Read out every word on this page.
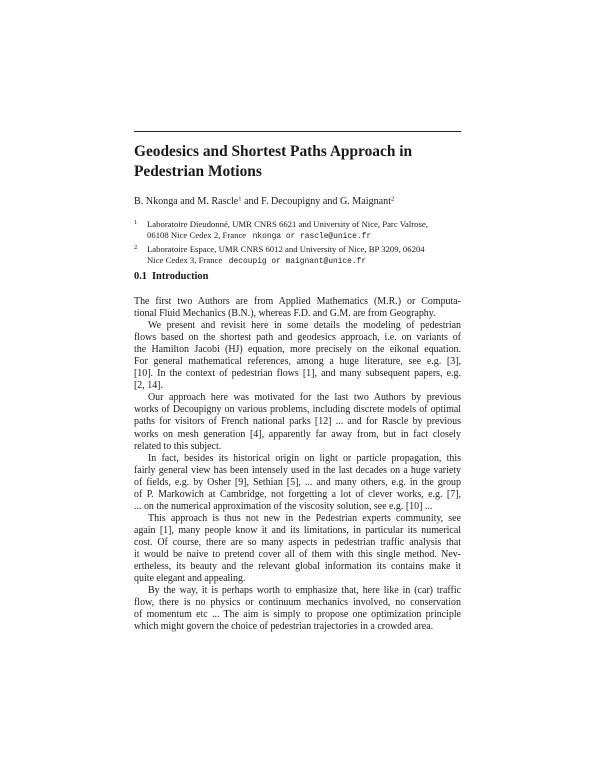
Geodesics and Shortest Paths Approach in
Pedestrian Motions
B. Nkonga and M. Rascle$^1$ and F. Decoupigny and G. Maignant$^2$
1 Laboratoire Dieudonné, UMR CNRS 6621 and University of Nice, Parc Valrose,
06108 Nice Cedex 2, France nkonga or rascle@unice.fr
2 Laboratoire Espace, UMR CNRS 6012 and University of Nice, BP 3209, 06204
Nice Cedex 3, France decoupig or maignant@unice.fr
0.1 Introduction
The first two Authors are from Applied Mathematics (M.R.) or Computa-
tional Fluid Mechanics (B.N.), whereas F.D. and G.M. are from Geography.
We present and revisit here in some details the modeling of pedestrian
flows based on the shortest path and geodesics approach, i.e. on variants of
the Hamilton Jacobi (HJ) equation, more precisely on the eikonal equation.
For general mathematical references, among a huge literature, see e.g. [3],
[10]. In the context of pedestrian flows [1], and many subsequent papers, e.g.
[2, 14].
Our approach here was motivated for the last two Authors by previous
works of Decoupigny on various problems, including discrete models of optimal
paths for visitors of French national parks [12] ... and for Rascle by previous
works on mesh generation [4], apparently far away from, but in fact closely
related to this subject.
In fact, besides its historical origin on light or particle propagation, this
fairly general view has been intensely used in the last decades on a huge variety
of fields, e.g. by Osher [9], Sethian [5], ... and many others, e.g. in the group
of P. Markowich at Cambridge, not forgetting a lot of clever works, e.g. [7],
... on the numerical approximation of the viscosity solution, see e.g. [10] ...
This approach is thus not new in the Pedestrian experts community, see
again [1], many people know it and its limitations, in particular its numerical
cost. Of course, there are so many aspects in pedestrian traffic analysis that
it would be naive to pretend cover all of them with this single method. Nev-
ertheless, its beauty and the relevant global information its contains make it
quite elegant and appealing.
By the way, it is perhaps worth to emphasize that, here like in (car) traffic
flow, there is no physics or continuum mechanics involved, no conservation
of momentum etc ... The aim is simply to propose one optimization principle
which might govern the choice of pedestrian trajectories in a crowded area.
